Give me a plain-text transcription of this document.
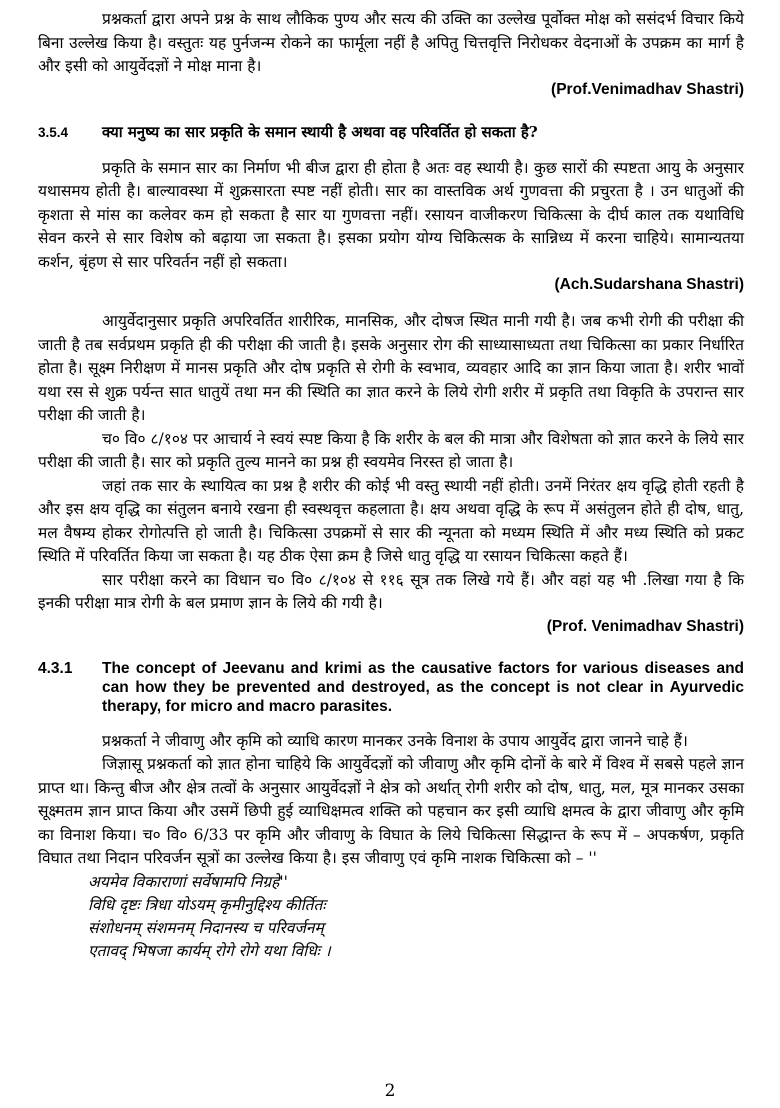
प्रश्नकर्ता द्वारा अपने प्रश्न के साथ लौकिक पुण्य और सत्य की उक्ति का उल्लेख पूर्वोक्त मोक्ष को ससंदर्भ विचार किये बिना उल्लेख किया है। वस्तुतः यह पुर्नजन्म रोकने का फार्मूला नहीं है अपितु चित्तवृत्ति निरोधकर वेदनाओं के उपक्रम का मार्ग है और इसी को आयुर्वेदज्ञों ने मोक्ष माना है।

(Prof.Venimadhav Shastri)

3.5.4	क्या मनुष्य का सार प्रकृति के समान स्थायी है अथवा वह परिवर्तित हो सकता है?

प्रकृति के समान सार का निर्माण भी बीज द्वारा ही होता है अतः वह स्थायी है। कुछ सारों की स्पष्टता आयु के अनुसार यथासमय होती है। बाल्यावस्था में शुक्रसारता स्पष्ट नहीं होती। सार का वास्तविक अर्थ गुणवत्ता की प्रचुरता है । उन धातुओं की कृशता से मांस का कलेवर कम हो सकता है सार या गुणवत्ता नहीं। रसायन वाजीकरण चिकित्सा के दीर्घ काल तक यथाविधि सेवन करने से सार विशेष को बढ़ाया जा सकता है। इसका प्रयोग योग्य चिकित्सक के सान्निध्य में करना चाहिये। सामान्यतया कर्शन, बृंहण से सार परिवर्तन नहीं हो सकता।

(Ach.Sudarshana Shastri)

आयुर्वेदानुसार प्रकृति अपरिवर्तित शारीरिक, मानसिक, और दोषज स्थित मानी गयी है। जब कभी रोगी की परीक्षा की जाती है तब सर्वप्रथम प्रकृति ही की परीक्षा की जाती है। इसके अनुसार रोग की साध्यासाध्यता तथा चिकित्सा का प्रकार निर्धारित होता है। सूक्ष्म निरीक्षण में मानस प्रकृति और दोष प्रकृति से रोगी के स्वभाव, व्यवहार आदि का ज्ञान किया जाता है। शरीर भावों यथा रस से शुक्र पर्यन्त सात धातुयें तथा मन की स्थिति का ज्ञात करने के लिये रोगी शरीर में प्रकृति तथा विकृति के उपरान्त सार परीक्षा की जाती है।

च० वि० ८/१०४ पर आचार्य ने स्वयं स्पष्ट किया है कि शरीर के बल की मात्रा और विशेषता को ज्ञात करने के लिये सार परीक्षा की जाती है। सार को प्रकृति तुल्य मानने का प्रश्न ही स्वयमेव निरस्त हो जाता है।

जहां तक सार के स्थायित्व का प्रश्न है शरीर की कोई भी वस्तु स्थायी नहीं होती। उनमें निरंतर क्षय वृद्धि होती रहती है और इस क्षय वृद्धि का संतुलन बनाये रखना ही स्वस्थवृत्त कहलाता है। क्षय अथवा वृद्धि के रूप में असंतुलन होते ही दोष, धातु, मल वैषम्य होकर रोगोत्पत्ति हो जाती है। चिकित्सा उपक्रमों से सार की न्यूनता को मध्यम स्थिति में और मध्य स्थिति को प्रकट स्थिति में परिवर्तित किया जा सकता है। यह ठीक ऐसा क्रम है जिसे धातु वृद्धि या रसायन चिकित्सा कहते हैं।

सार परीक्षा करने का विधान च० वि० ८/१०४ से ११६ सूत्र तक लिखे गये हैं। और वहां यह भी .लिखा गया है कि इनकी परीक्षा मात्र रोगी के बल प्रमाण ज्ञान के लिये की गयी है।

(Prof. Venimadhav Shastri)

4.3.1	The concept of Jeevanu and krimi as the causative factors for various diseases and can how they be prevented and destroyed, as the concept is not clear in Ayurvedic therapy, for micro and macro parasites.

प्रश्नकर्ता ने जीवाणु और कृमि को व्याधि कारण मानकर उनके विनाश के उपाय आयुर्वेद द्वारा जानने चाहे हैं।

जिज्ञासू प्रश्नकर्ता को ज्ञात होना चाहिये कि आयुर्वेदज्ञों को जीवाणु और कृमि दोनों के बारे में विश्व में सबसे पहले ज्ञान प्राप्त था। किन्तु बीज और क्षेत्र तत्वों के अनुसार आयुर्वेदज्ञों ने क्षेत्र को अर्थात् रोगी शरीर को दोष, धातु, मल, मूत्र मानकर उसका सूक्ष्मतम ज्ञान प्राप्त किया और उसमें छिपी हुई व्याधिक्षमत्व शक्ति को पहचान कर इसी व्याधि क्षमत्व के द्वारा जीवाणु और कृमि का विनाश किया। च० वि० 6/33 पर कृमि और जीवाणु के विघात के लिये चिकित्सा सिद्धान्त के रूप में – अपकर्षण, प्रकृति विघात तथा निदान परिवर्जन सूत्रों का उल्लेख किया है। इस जीवाणु एवं कृमि नाशक चिकित्सा को – ''

अयमेव विकाराणां सर्वेषामपि निग्रहे''

विधि दृष्टः त्रिधा योऽयम् कृमीनुद्दिश्य कीर्तितः

संशोधनम् संशमनम् निदानस्य च परिवर्जनम्

एतावद् भिषजा कार्यम् रोगे रोगे यथा विधिः ।

2
